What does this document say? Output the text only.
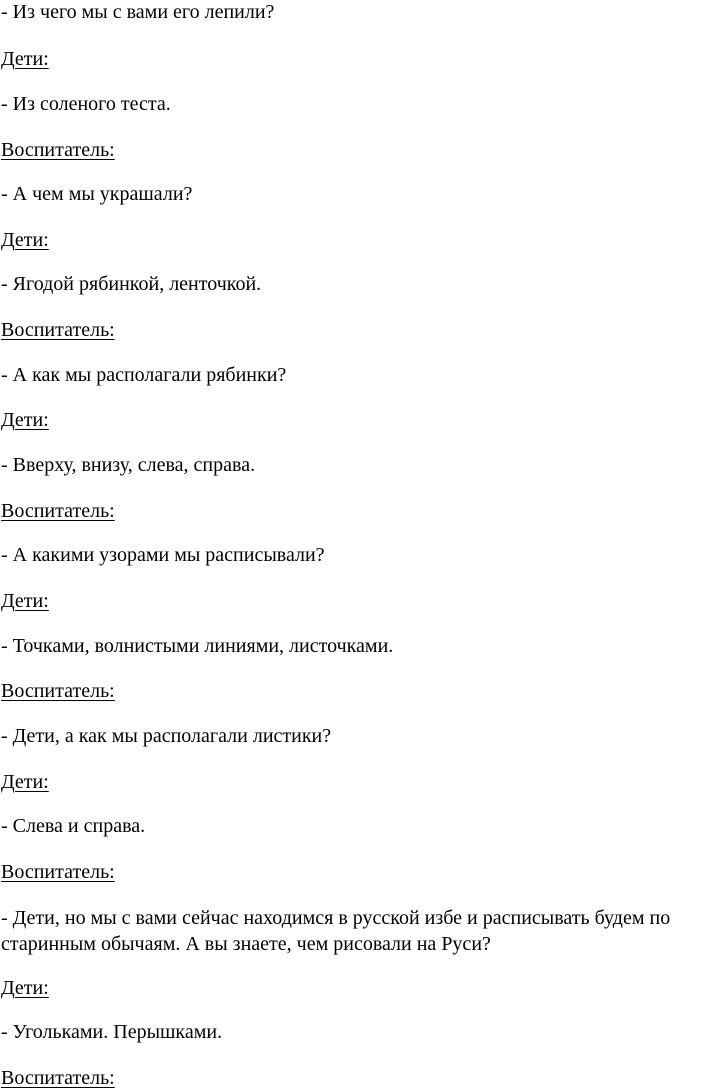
- Из чего мы с вами его лепили?
Дети:
- Из соленого теста.
Воспитатель:
- А чем мы украшали?
Дети:
- Ягодой рябинкой, ленточкой.
Воспитатель:
- А как мы располагали рябинки?
Дети:
- Вверху, внизу, слева, справа.
Воспитатель:
- А какими узорами мы расписывали?
Дети:
- Точками, волнистыми линиями, листочками.
Воспитатель:
- Дети, а как мы располагали листики?
Дети:
- Слева и справа.
Воспитатель:
- Дети, но мы с вами сейчас находимся в русской избе и расписывать будем по старинным обычаям. А вы знаете, чем рисовали на Руси?
Дети:
- Угольками. Перышками.
Воспитатель:
